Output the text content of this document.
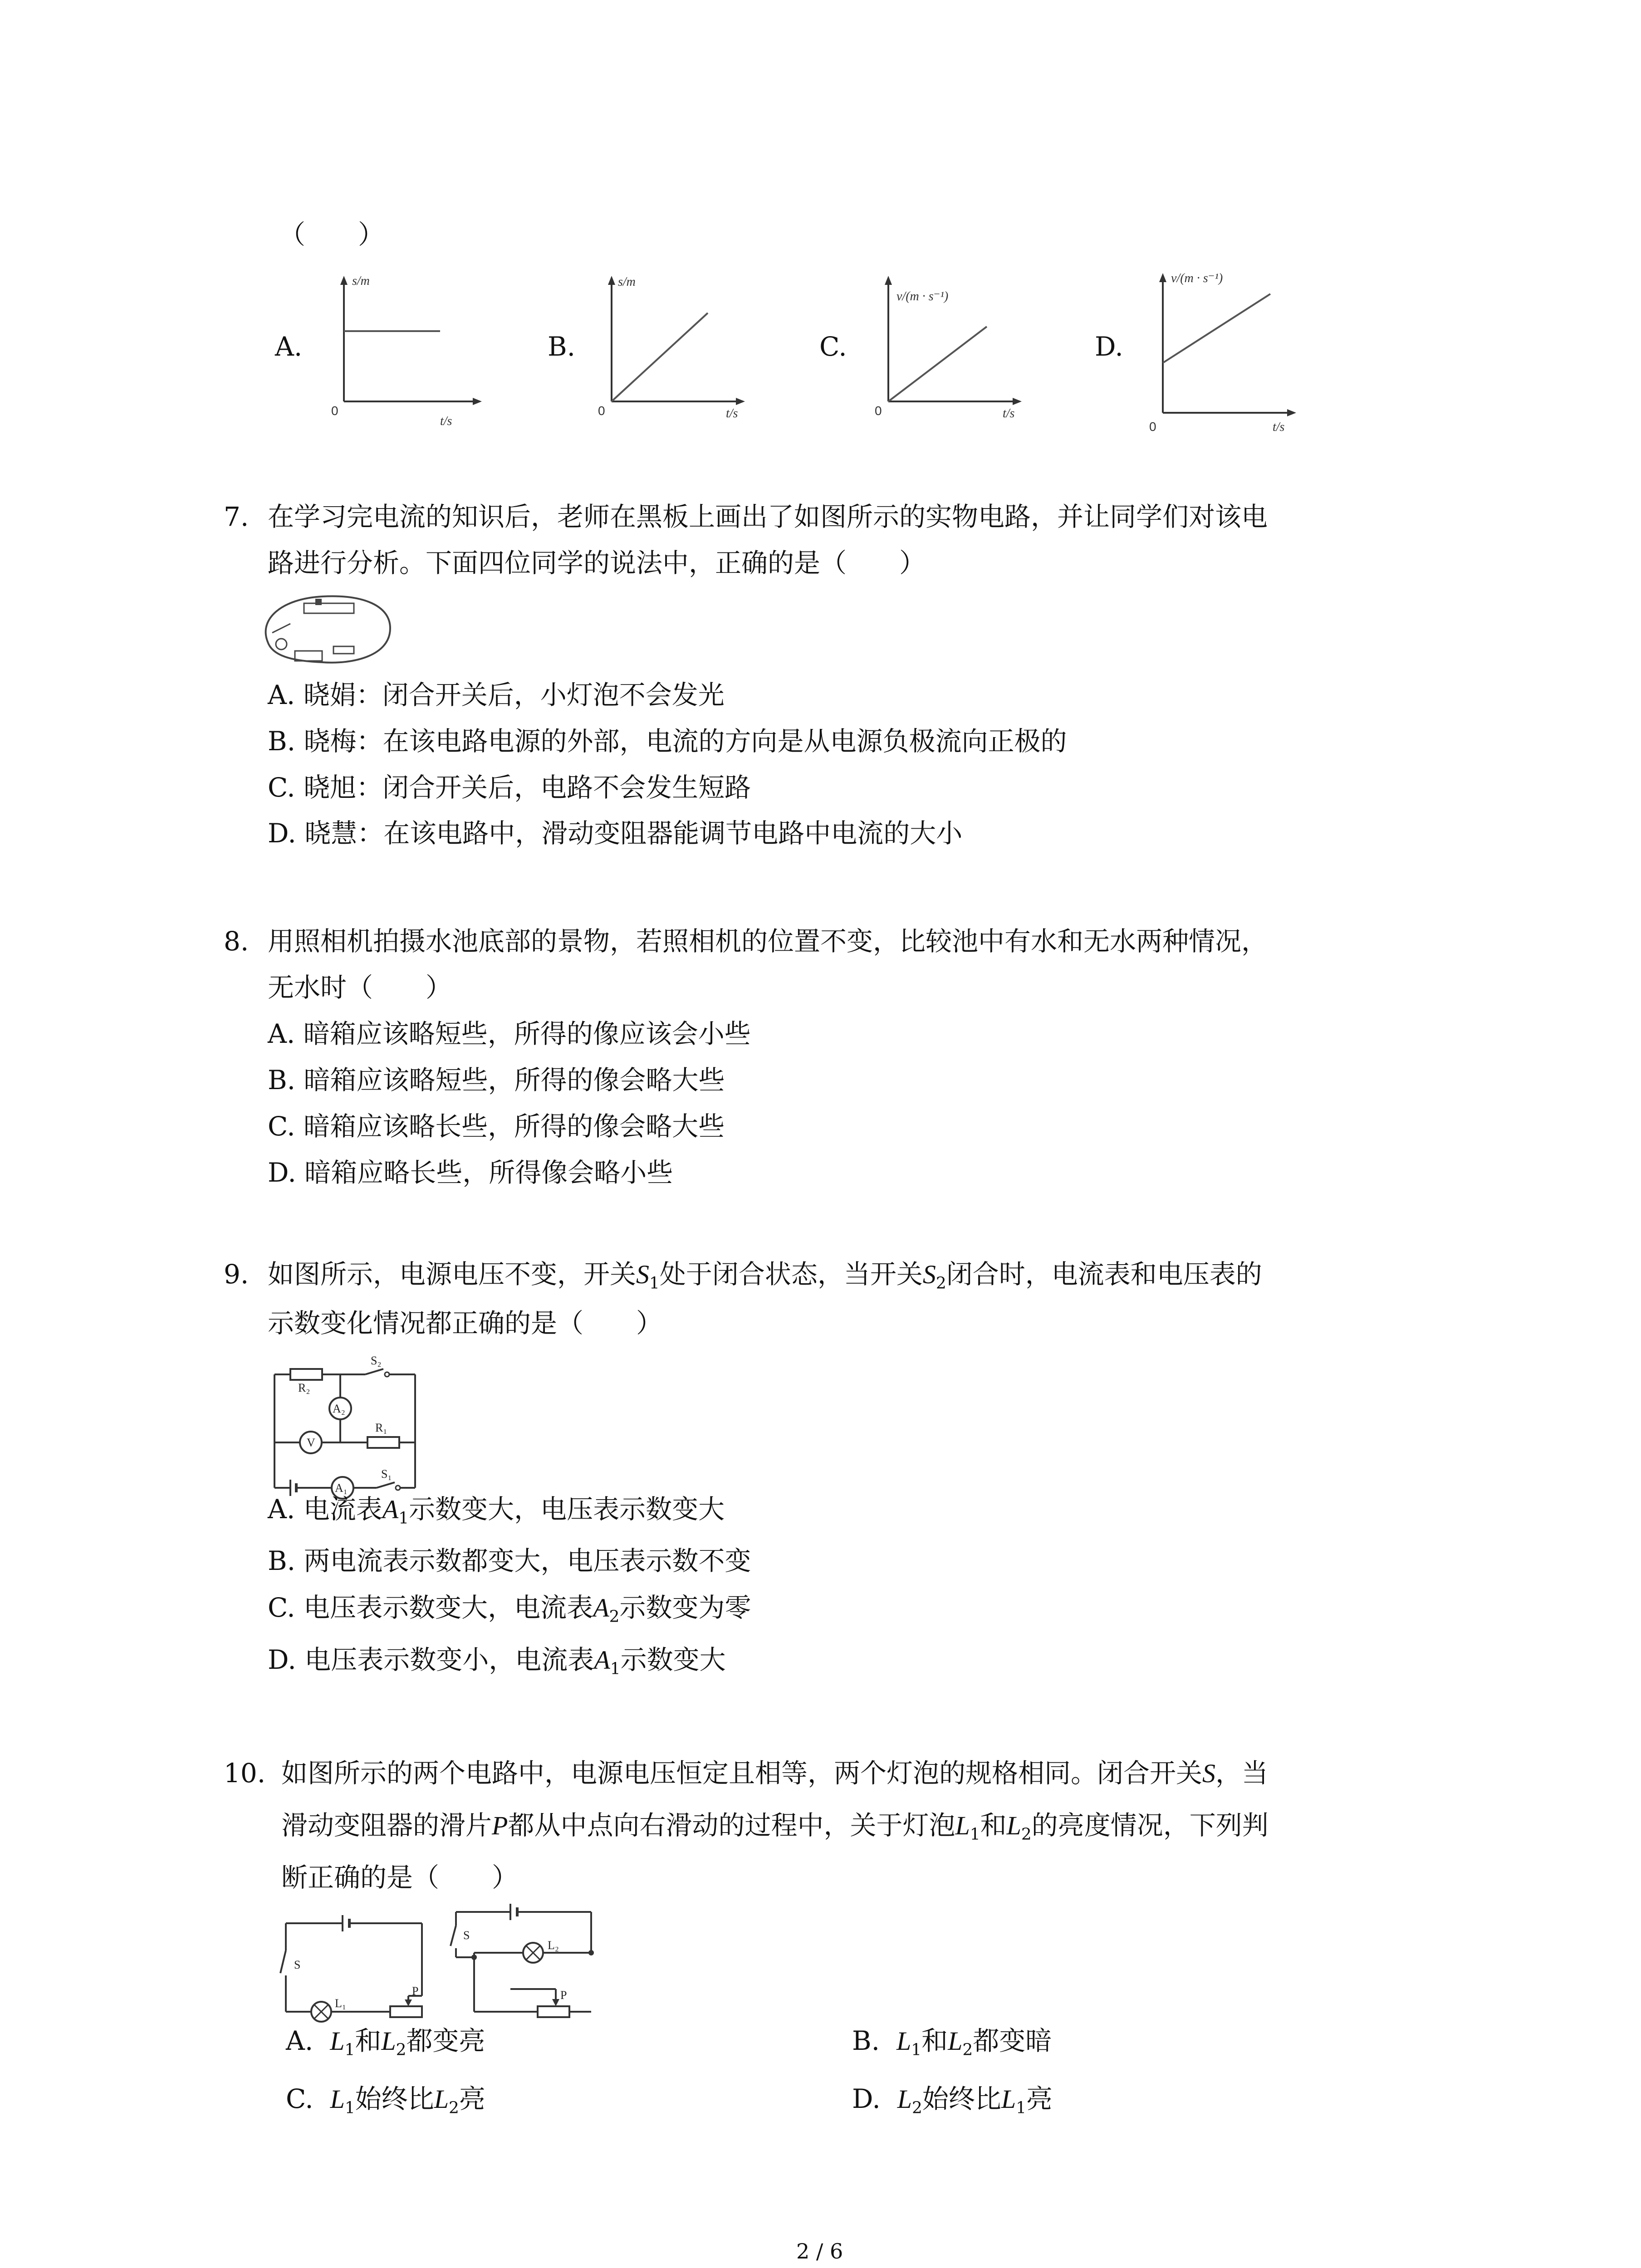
（　　）
A.	B.	C.	D.
s/m
t/s
0
s/m
t/s
0
v/(m · s⁻¹)
t/s
0
v/(m · s⁻¹)
t/s
0
7. 在学习完电流的知识后，老师在黑板上画出了如图所示的实物电路，并让同学们对该电
路进行分析。下面四位同学的说法中，正确的是（　　）
A. 晓娟：闭合开关后，小灯泡不会发光
B. 晓梅：在该电路电源的外部，电流的方向是从电源负极流向正极的
C. 晓旭：闭合开关后，电路不会发生短路
D. 晓慧：在该电路中，滑动变阻器能调节电路中电流的大小
8. 用照相机拍摄水池底部的景物，若照相机的位置不变，比较池中有水和无水两种情况，
无水时（　　）
A. 暗箱应该略短些，所得的像应该会小些
B. 暗箱应该略短些，所得的像会略大些
C. 暗箱应该略长些，所得的像会略大些
D. 暗箱应略长些，所得像会略小些
9. 如图所示，电源电压不变，开关$S_1$处于闭合状态，当开关$S_2$闭合时，电流表和电压表的
示数变化情况都正确的是（　　）
S₂
R₂
A₂
V
R₁
A₁
S₁
A. 电流表$A_1$示数变大，电压表示数变大
B. 两电流表示数都变大，电压表示数不变
C. 电压表示数变大，电流表$A_2$示数变为零
D. 电压表示数变小，电流表$A_1$示数变大
10. 如图所示的两个电路中，电源电压恒定且相等，两个灯泡的规格相同。闭合开关S，当
滑动变阻器的滑片P都从中点向右滑动的过程中，关于灯泡$L_1$和$L_2$的亮度情况，下列判
断正确的是（　　）
S
L₁
P
S
L₂
P
A. $L_1$和$L_2$都变亮	B. $L_1$和$L_2$都变暗
C. $L_1$始终比$L_2$亮	D. $L_2$始终比$L_1$亮
2 / 6
